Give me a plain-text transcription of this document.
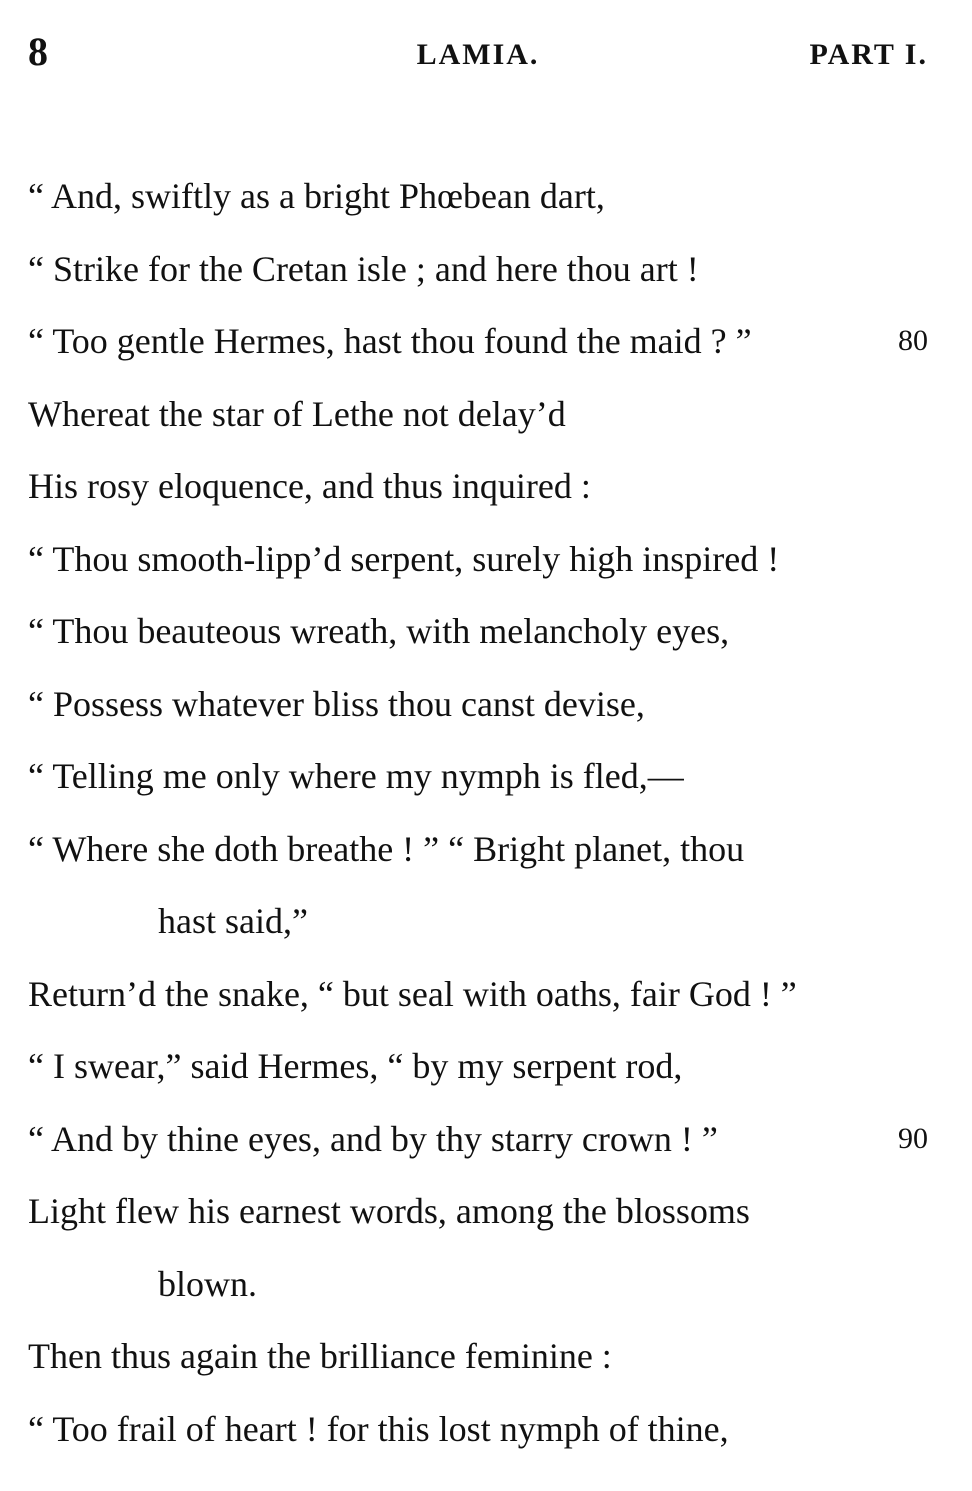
8	LAMIA.	PART I.
“ And, swiftly as a bright Phœbean dart,
“ Strike for the Cretan isle ; and here thou art !
“ Too gentle Hermes, hast thou found the maid ? ”	80
Whereat the star of Lethe not delay’d
His rosy eloquence, and thus inquired :
“ Thou smooth-lipp’d serpent, surely high inspired !
“ Thou beauteous wreath, with melancholy eyes,
“ Possess whatever bliss thou canst devise,
“ Telling me only where my nymph is fled,—
“ Where she doth breathe ! ” “ Bright planet, thou
hast said,”
Return’d the snake, “ but seal with oaths, fair God ! ”
“ I swear,” said Hermes, “ by my serpent rod,
“ And by thine eyes, and by thy starry crown ! ”	90
Light flew his earnest words, among the blossoms
blown.
Then thus again the brilliance feminine :
“ Too frail of heart ! for this lost nymph of thine,
